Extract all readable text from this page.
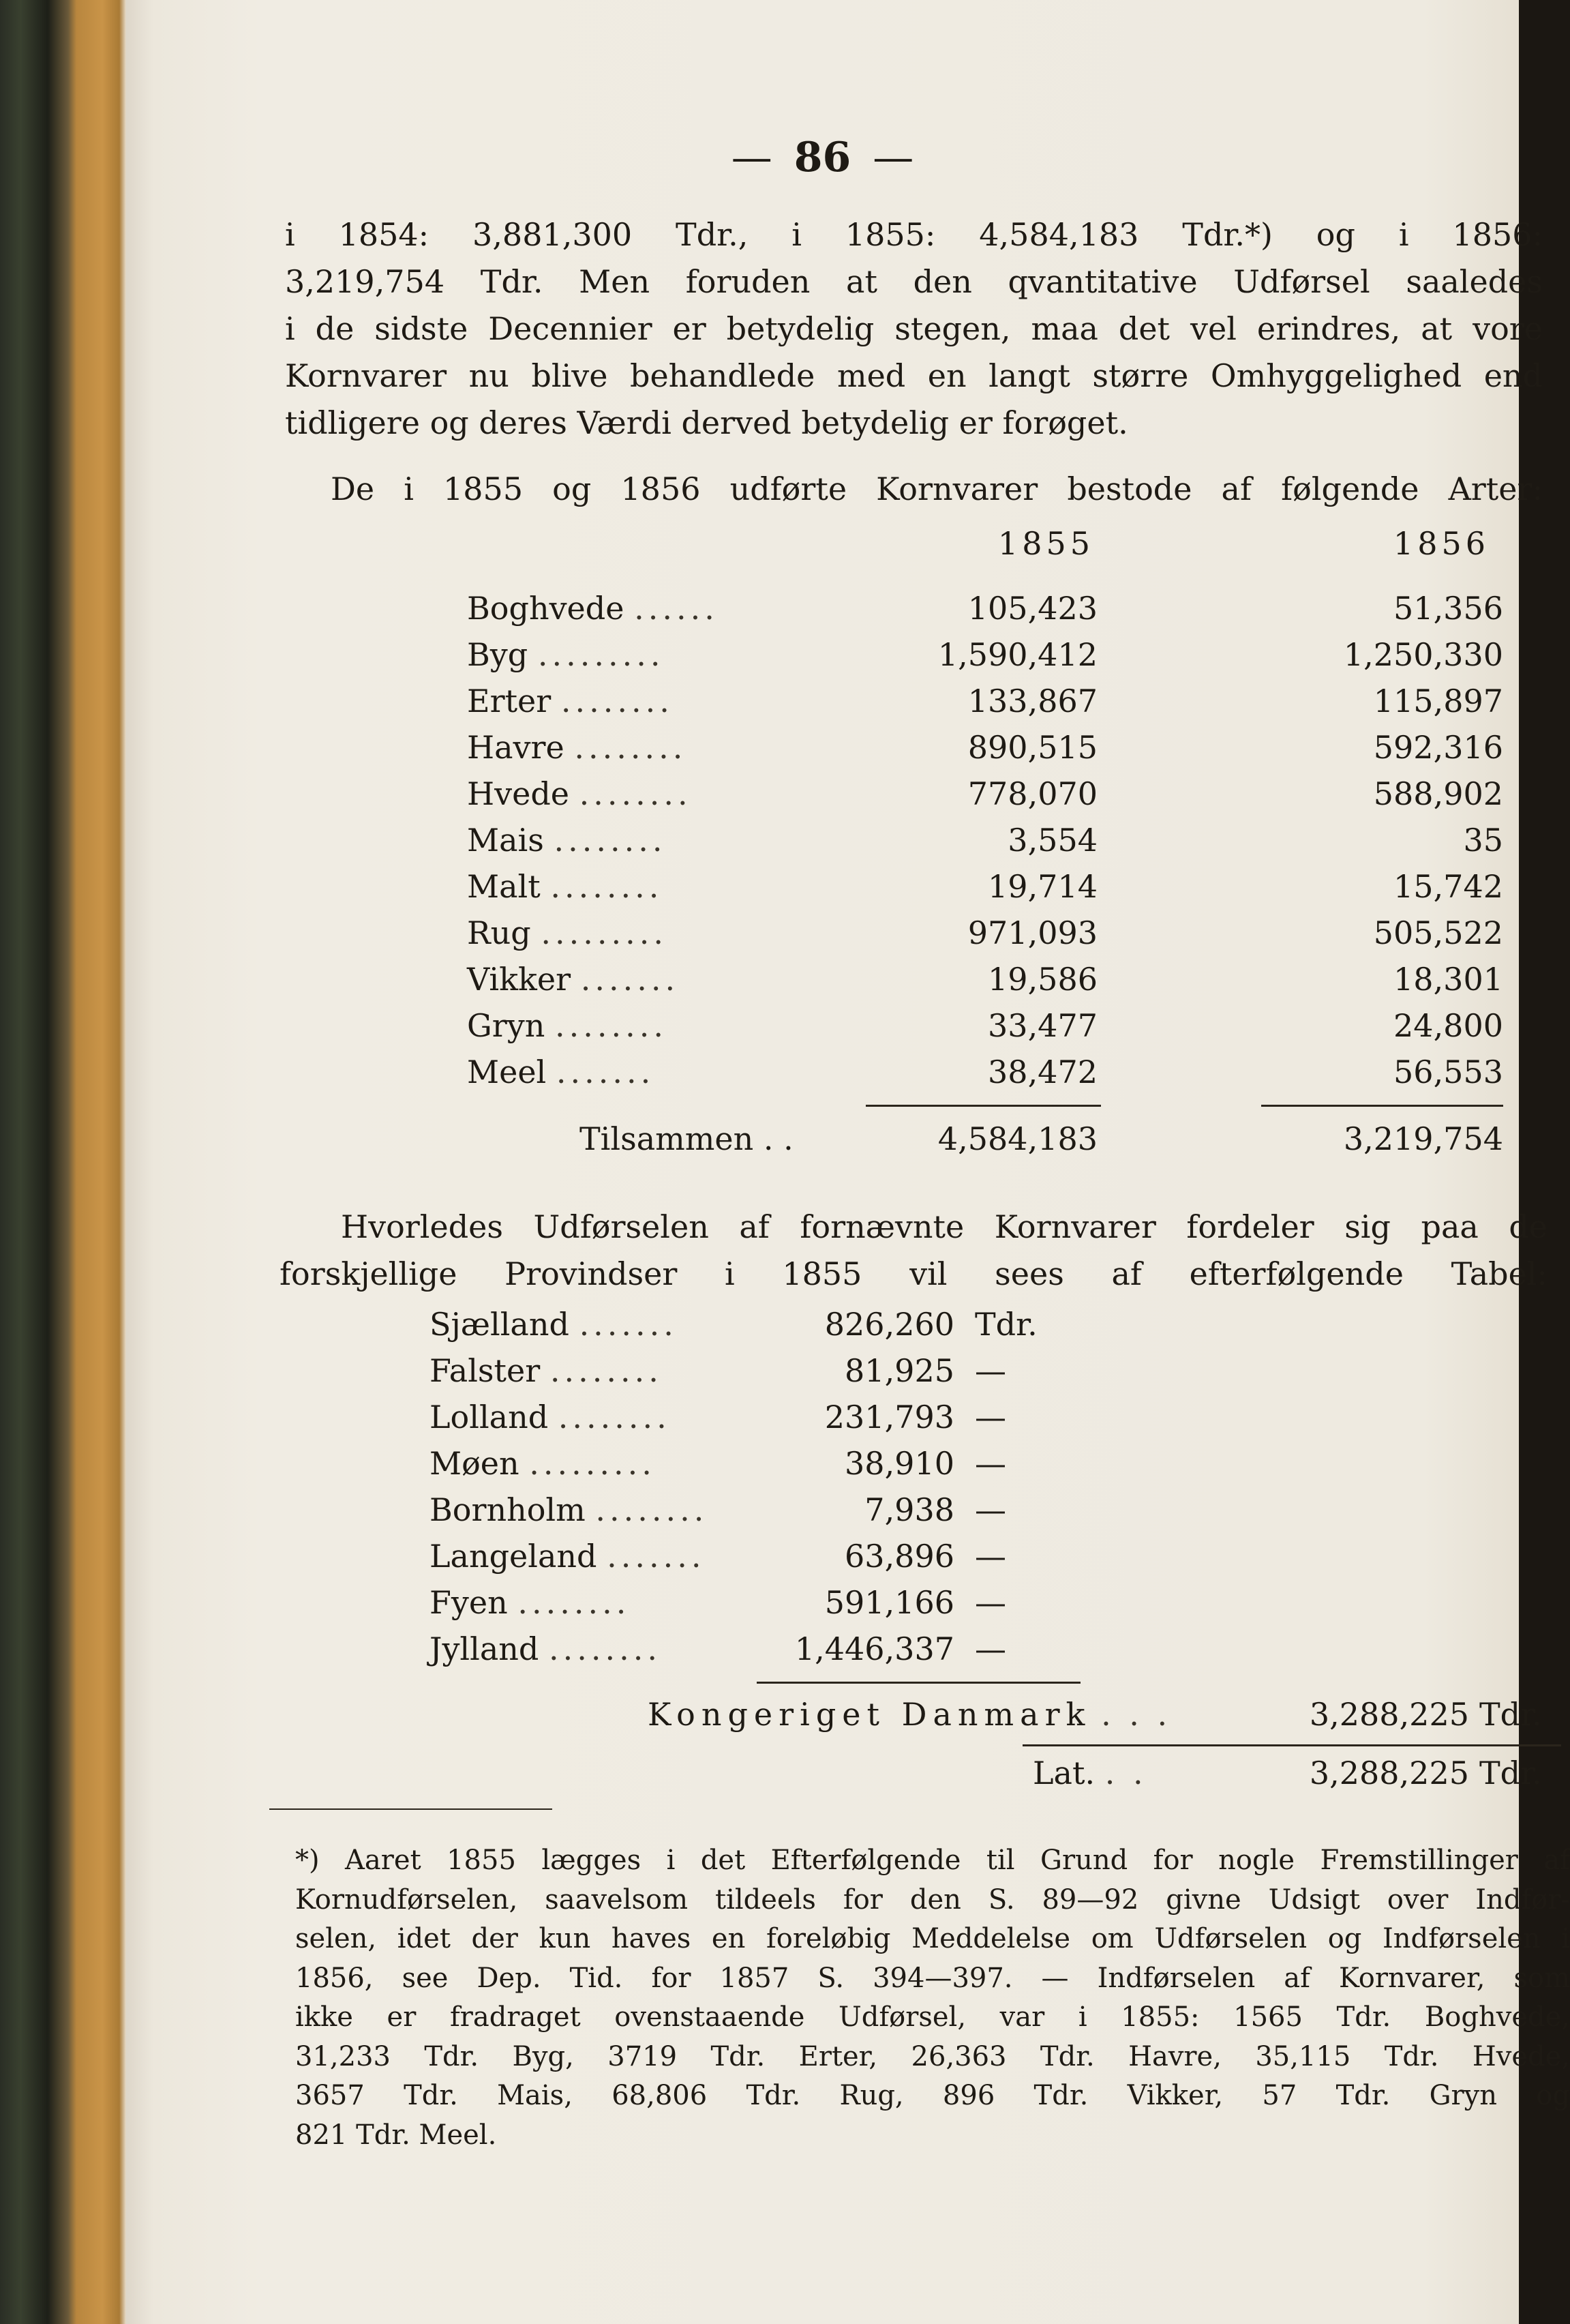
— 86 —
i 1854: 3,881,300 Tdr., i 1855: 4,584,183 Tdr.*) og i 1856:
3,219,754 Tdr. Men foruden at den qvantitative Udførsel saaledes
i de sidste Decennier er betydelig stegen, maa det vel erindres, at vore
Kornvarer nu blive behandlede med en langt større Omhyggelighed end
tidligere og deres Værdi derved betydelig er forøget.
De i 1855 og 1856 udførte Kornvarer bestode af følgende Arter:
1855	1856
Boghvede ......	105,423	51,356
Byg .........	1,590,412	1,250,330
Erter ........	133,867	115,897
Havre ........	890,515	592,316
Hvede ........	778,070	588,902
Mais ........	3,554	35
Malt ........	19,714	15,742
Rug .........	971,093	505,522
Vikker .......	19,586	18,301
Gryn ........	33,477	24,800
Meel .......	38,472	56,553
Tilsammen . .	4,584,183	3,219,754
Hvorledes Udførselen af fornævnte Kornvarer fordeler sig paa de
forskjellige Provindser i 1855 vil sees af efterfølgende Tabel:
Sjælland .......	826,260 Tdr.
Falster ........	81,925 —
Lolland ........	231,793 —
Møen .........	38,910 —
Bornholm ........	7,938 —
Langeland .......	63,896 —
Fyen ........	591,166 —
Jylland ........	1,446,337 —
Kongeriget Danmark . . .	3,288,225 Tdr.
Lat. . .	3,288,225 Tdr.
*) Aaret 1855 lægges i det Efterfølgende til Grund for nogle Fremstillinger af
Kornudførselen, saavelsom tildeels for den S. 89—92 givne Udsigt over Indfør-
selen, idet der kun haves en foreløbig Meddelelse om Udførselen og Indførselen i
1856, see Dep. Tid. for 1857 S. 394—397. — Indførselen af Kornvarer, som
ikke er fradraget ovenstaaende Udførsel, var i 1855: 1565 Tdr. Boghvede,
31,233 Tdr. Byg, 3719 Tdr. Erter, 26,363 Tdr. Havre, 35,115 Tdr. Hvede,
3657 Tdr. Mais, 68,806 Tdr. Rug, 896 Tdr. Vikker, 57 Tdr. Gryn og
821 Tdr. Meel.
